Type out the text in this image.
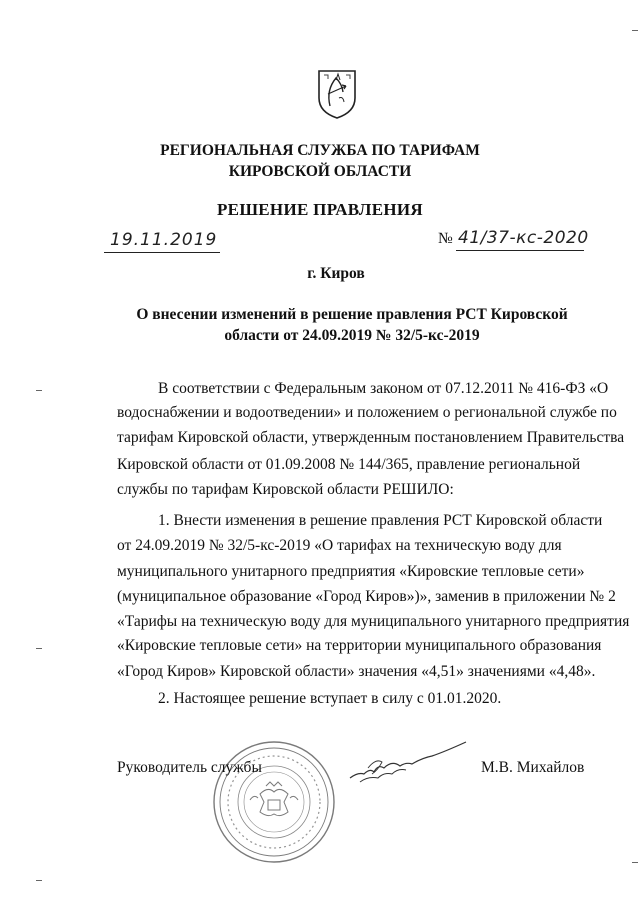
РЕГИОНАЛЬНАЯ СЛУЖБА ПО ТАРИФАМ
КИРОВСКОЙ ОБЛАСТИ
РЕШЕНИЕ ПРАВЛЕНИЯ
19.11.2019	№ 41/37-кс-2020
г. Киров
О внесении изменений в решение правления РСТ Кировской
области от 24.09.2019 № 32/5-кс-2019
В соответствии с Федеральным законом от 07.12.2011 № 416-ФЗ «О
водоснабжении и водоотведении» и положением о региональной службе по
тарифам Кировской области, утвержденным постановлением Правительства
Кировской области от 01.09.2008 № 144/365, правление региональной
службы по тарифам Кировской области РЕШИЛО:
1. Внести изменения в решение правления РСТ Кировской области
от 24.09.2019 № 32/5-кс-2019 «О тарифах на техническую воду для
муниципального унитарного предприятия «Кировские тепловые сети»
(муниципальное образование «Город Киров»)», заменив в приложении № 2
«Тарифы на техническую воду для муниципального унитарного предприятия
«Кировские тепловые сети» на территории муниципального образования
«Город Киров» Кировской области» значения «4,51» значениями «4,48».
2. Настоящее решение вступает в силу с 01.01.2020.
Руководитель службы	М.В. Михайлов
